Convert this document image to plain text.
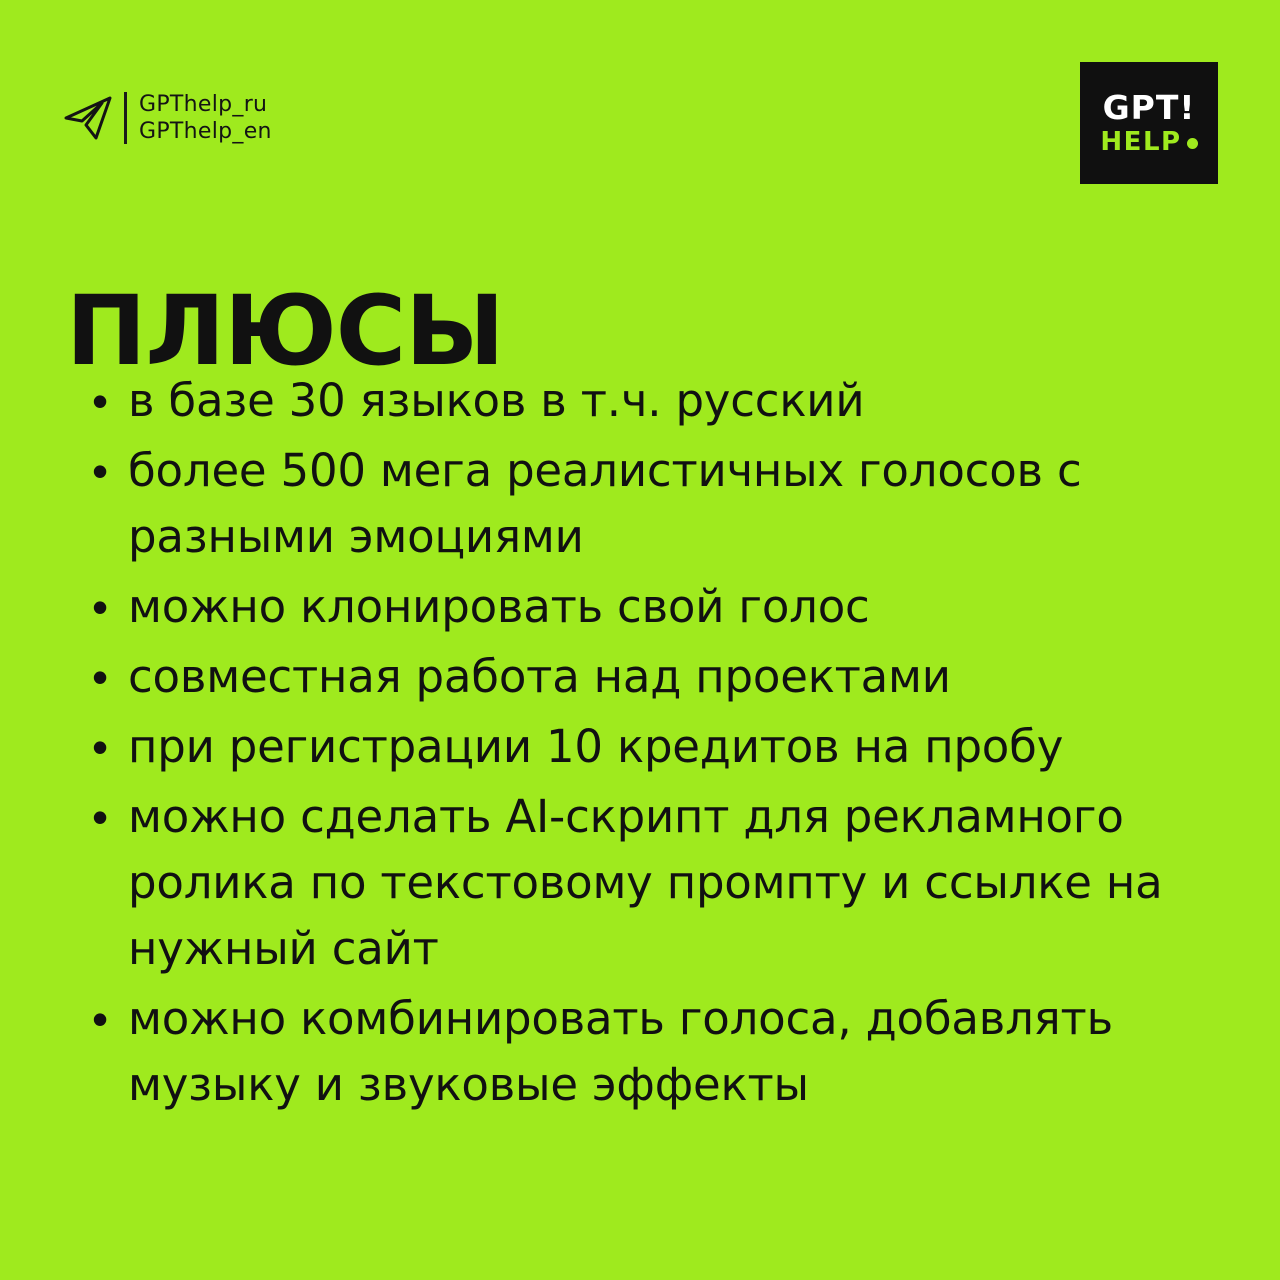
GPThelp_ru
GPThelp_en
GPT!
HELP
ПЛЮСЫ
• в базе 30 языков в т.ч. русский
• более 500 мега реалистичных голосов с разными эмоциями
• можно клонировать свой голос
• совместная работа над проектами
• при регистрации 10 кредитов на пробу
• можно сделать AI-скрипт для рекламного ролика по текстовому промпту и ссылке на нужный сайт
• можно комбинировать голоса, добавлять музыку и звуковые эффекты
